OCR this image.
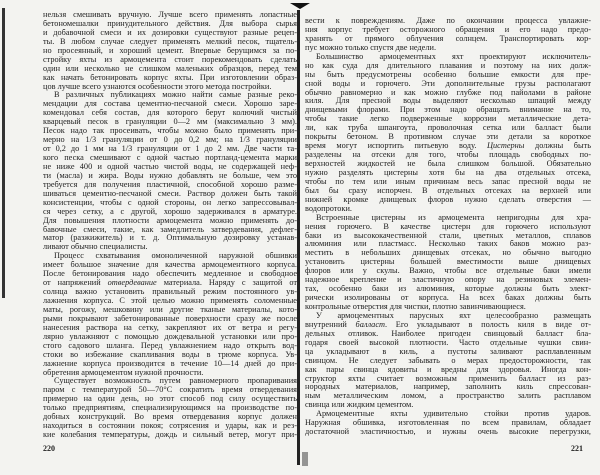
нельзя смешивать вручную. Лучше всего применять лопастные
бетономешалки принудительного действия. Для выбора сырья
и добавочной смеси и их дозировки существуют разные рецеп-
ты. В любом случае следует применять мелкий песок, тщатель-
но просеянный, и хороший цемент. Впервые берущимся за по-
стройку яхты из армоцемента стоит порекомендовать сделать
один или несколько не слишком маленьких образцов, перед тем
как начать бетонировать корпус яхты. При изготовлении образ-
цов лучше всего узнаются особенности этого метода постройки.
В различных публикациях можно найти самые разные реко-
мендации для состава цементно-песчаной смеси. Хорошо заре-
комендовал себя состав, для которого берут колючий чистый
кварцевый песок в грануляции 0—2 мм (максимально 3 мм).
Песок надо так просеивать, чтобы можно было применять при-
мерно на 1/3 грануляции от 0 до 0,2 мм; на 1/3 грануляции
от 0,2 до 1 мм на 1/3 грануляции от 1 до 2 мм. Две части та-
кого песка смешивают с одной частью портланд-цемента марки
не ниже 400 и одной частью чистой воды, не содержащей неф-
ти (масла) и жира. Воды нужно добавлять не больше, чем это
требуется для получения пластичной, способной хорошо разме-
шиваться цементно-песчаной смеси. Раствор должен быть такой
консистенции, чтобы с одной стороны, он легко запрессовывал-
ся через сетку, а с другой, хорошо задерживался в арматуре.
Для повышения плотности армоцемента можно применять до-
бавочные смеси, такие, как замедлитель затвердевания, дефлег-
матор (разжижитель) и т. д. Оптимальную дозировку устанав-
ливают обычно специалисты.
Процесс схватывания омоноличенной наружной обшивки
имеет большое значение для качества армоцементного корпуса.
После бетонирования надо обеспечить медленное и свободное
от напряжений отвердевание материала. Наряду с защитой от
солнца важно установить правильный режим постоянного ув-
лажнения корпуса. С этой целью можно применять соломенные
маты, рогожу, мешковину или другие тканые материалы, кото-
рыми покрывают забетонированные поверхности сразу же после
нанесения раствора на сетку, закрепляют их от ветра и регу-
лярно увлажняют с помощью дождевальной установки или про-
стого садового шланга. Перед увлажнением надо открыть вод-
стоки во избежание скапливания воды в трюме корпуса. Ув-
лажнение корпуса производится в течение 10—14 дней до при-
обретения армоцементом нужной прочности.
Существует возможность путем равномерного пропаривания
паром с температурой 50—70°С сократить время отвердевания
примерно на один день, но этот способ под силу осуществить
только предприятиям, специализирующимся на производстве по-
добных конструкций. Во время отвердевания корпус должен
находиться в состоянии покоя; сотрясения и удары, как и рез-
кие колебания температуры, дождь и сильный ветер, могут при-
вести к повреждениям. Даже по окончании процесса увлажне-
ния корпус требует осторожного обращения и его надо предо-
хранять от прямого облучения солнцем. Транспортировать кор-
пус можно только спустя две недели.
Большинство армоцементных яхт проектируют исключитель-
но как суда для длительного плавания и поэтому на них долж-
ны быть предусмотрены особенно большие емкости для пре-
сной воды и горючего. Эти дополнительные грузы располагают
обычно равномерно и как можно глубже под пайолами в районе
киля. Для пресной воды выделяют несколько шпаций между
днищевыми флорами. При этом надо обращать внимание на то,
чтобы такие легко подверженные коррозии металлические дета-
ли, как труба шпангоута, проволочная сетка или балласт были
покрыты бетоном. В противном случае эти детали за короткое
время могут испортить питьевую воду. Цистерны должны быть
разделены на отсеки для того, чтобы площадь свободных по-
верхностей жидкостей не была слишком большой. Обязательно
нужно разделять цистерны хотя бы на два отдельных отсека,
чтобы по тем или иным причинам весь запас пресной воды не
был бы сразу испорчен. В отдельных отсеках на верхней или
нижней кромке днищевых флоров нужно сделать отверстия —
водопротоки.
Встроенные цистерны из армоцемента непригодны для хра-
нения горючего. В качестве цистерн для горючего используют
баки из высококачественной стали, цветных металлов, сплавов
алюминия или пластмасс. Несколько таких баков можно раз-
местить в небольших днищевых отсеках, но обычно выгодно
установить цистерны большей вместимости выше днищевых
флоров или у скулы. Важно, чтобы все отдельные баки имели
надежное крепление и эластичную опору на резиновых элемен-
тах, особенно баки из алюминия, которые должны быть элект-
рически изолированы от корпуса. На всех баках должны быть
контрольные отверстия для чистки, плотно завинчивающиеся.
У армоцементных парусных яхт целесообразно размещать
внутренний балласт. Его укладывают в полость киля в виде от-
дельных отливок. Наиболее пригоден свинцовый балласт бла-
годаря своей высокой плотности. Часто отдельные чушки свин-
ца укладывают в киль, а пустоты заливают расплавленным
свинцом. Не следует забывать о мерах предосторожности, так
как пары свинца ядовиты и вредны для здоровья. Иногда кон-
структор яхты считает возможным применить балласт из раз-
нородных материалов, например, заполнить киль спрессован-
ным металлическим ломом, а пространство залить расплавом
свинца или жидким цементом.
Армоцементные яхты удивительно стойки против ударов.
Наружная обшивка, изготовленная по всем правилам, обладает
достаточной эластичностью, и нужны очень высокие перегрузки,
220	221
